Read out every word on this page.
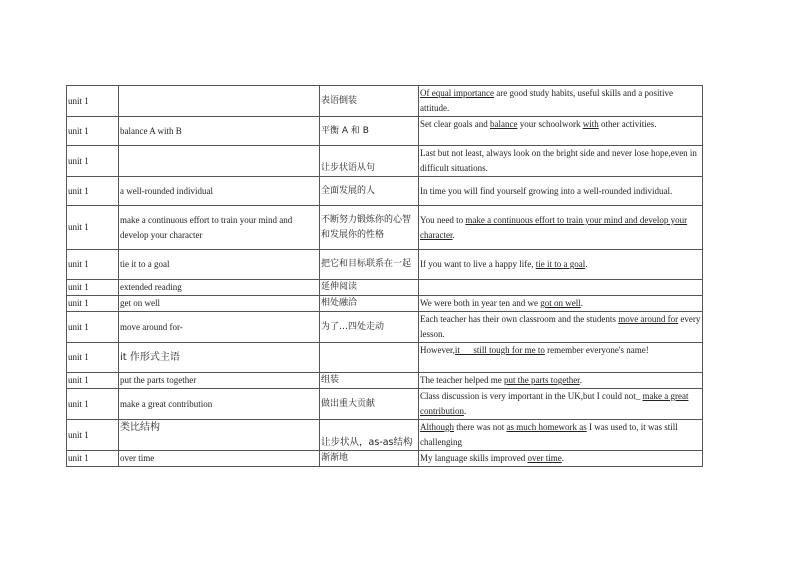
unit 1		表语倒装	Of equal importance are good study habits, useful skills and a positive attitude.
unit 1	balance A with B	平衡 A 和 B	Set clear goals and balance your schoolwork with other activities.
unit 1		让步状语从句	Last but not least, always look on the bright side and never lose hope,even in difficult situations.
unit 1	a well-rounded individual	全面发展的人	In time you will find yourself growing into a well-rounded individual.
unit 1	make a continuous effort to train your mind and develop your character	不断努力锻炼你的心智和发展你的性格	You need to make a continuous effort to train your mind and develop your character.
unit 1	tie it to a goal	把它和目标联系在一起	If you want to live a happy life, tie it to a goal.
unit 1	extended reading	延伸阅读	
unit 1	get on well	相处融洽	We were both in year ten and we got on well.
unit 1	move around for-	为了…四处走动	Each teacher has their own classroom and the students move around for every lesson.
unit 1	it 作形式主语		However,it      still tough for me to remember everyone's name!
unit 1	put the parts together	组装	The teacher helped me put the parts together.
unit 1	make a great contribution	做出重大贡献	Class discussion is very important in the UK,but I could not_ make a great contribution.
unit 1	类比结构	让步状从，as-as结构	Although there was not as much homework as I was used to, it was still challenging
unit 1	over time	渐渐地	My language skills improved over time.
